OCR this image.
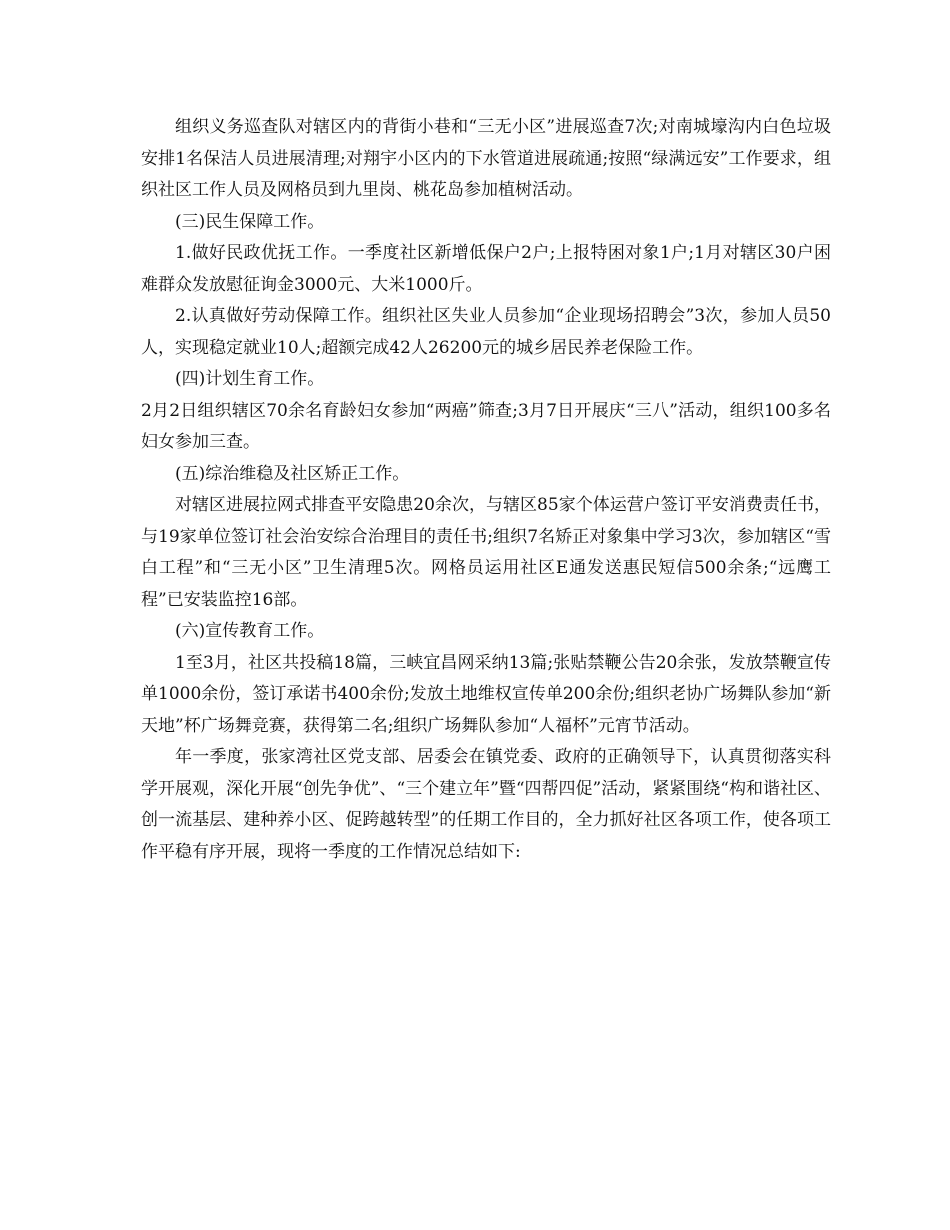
组织义务巡查队对辖区内的背街小巷和“三无小区”进展巡查7次;对南城壕沟内白色垃圾安排1名保洁人员进展清理;对翔宇小区内的下水管道进展疏通;按照“绿满远安”工作要求，组织社区工作人员及网格员到九里岗、桃花岛参加植树活动。

(三)民生保障工作。

1.做好民政优抚工作。一季度社区新增低保户2户;上报特困对象1户;1月对辖区30户困难群众发放慰征询金3000元、大米1000斤。

2.认真做好劳动保障工作。组织社区失业人员参加“企业现场招聘会”3次，参加人员50人，实现稳定就业10人;超额完成42人26200元的城乡居民养老保险工作。

(四)计划生育工作。

2月2日组织辖区70余名育龄妇女参加“两癌”筛查;3月7日开展庆“三八”活动，组织100多名妇女参加三查。

(五)综治维稳及社区矫正工作。

对辖区进展拉网式排查平安隐患20余次，与辖区85家个体运营户签订平安消费责任书，与19家单位签订社会治安综合治理目的责任书;组织7名矫正对象集中学习3次，参加辖区“雪白工程”和“三无小区”卫生清理5次。网格员运用社区E通发送惠民短信500余条;“远鹰工程”已安装监控16部。

(六)宣传教育工作。

1至3月，社区共投稿18篇，三峡宜昌网采纳13篇;张贴禁鞭公告20余张，发放禁鞭宣传单1000余份，签订承诺书400余份;发放土地维权宣传单200余份;组织老协广场舞队参加“新天地”杯广场舞竞赛，获得第二名;组织广场舞队参加“人福杯”元宵节活动。

年一季度，张家湾社区党支部、居委会在镇党委、政府的正确领导下，认真贯彻落实科学开展观，深化开展“创先争优”、“三个建立年”暨“四帮四促”活动，紧紧围绕“构和谐社区、创一流基层、建种养小区、促跨越转型”的任期工作目的，全力抓好社区各项工作，使各项工作平稳有序开展，现将一季度的工作情况总结如下:
